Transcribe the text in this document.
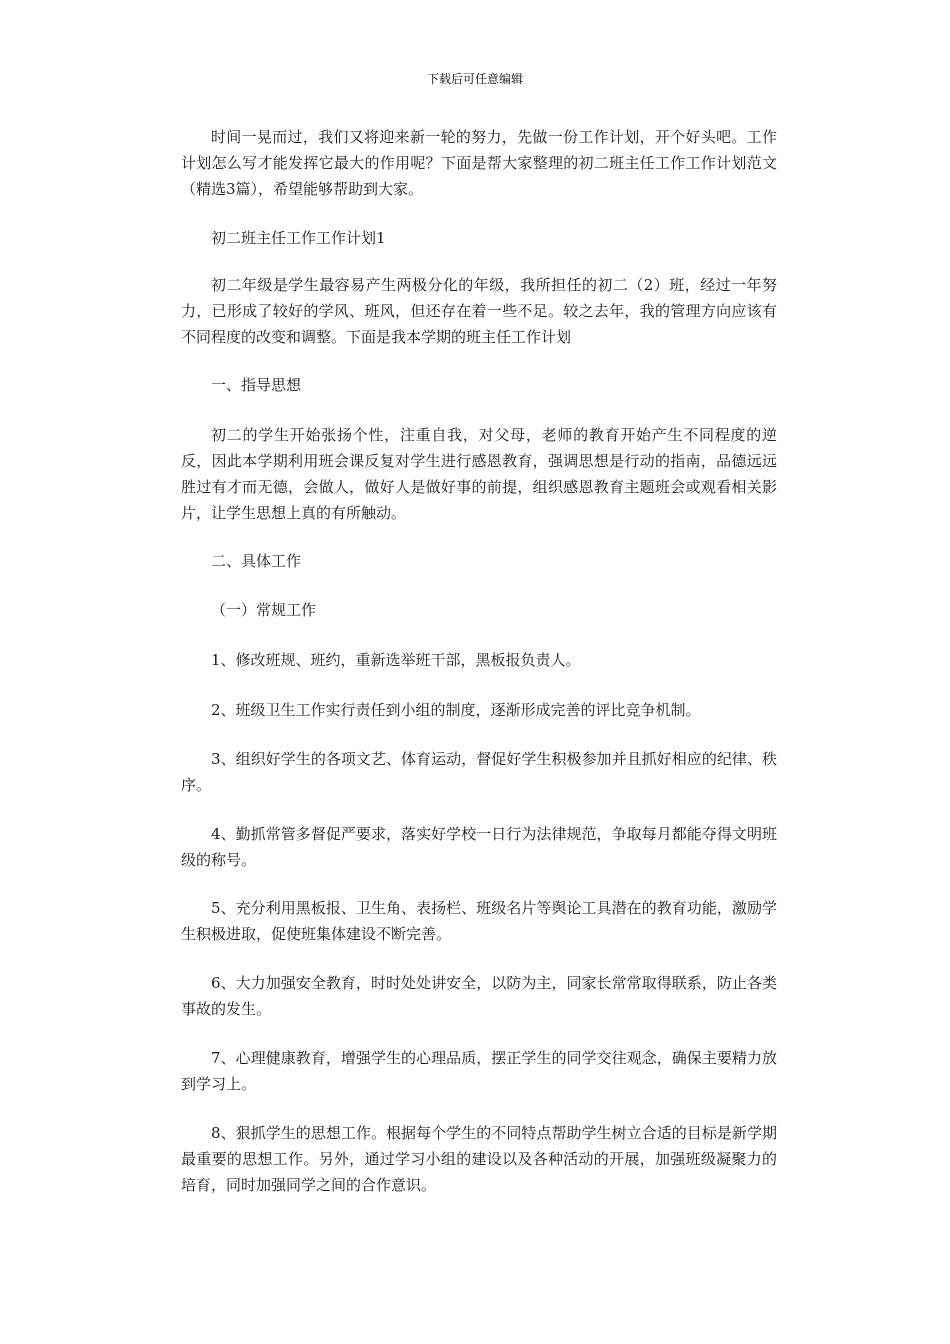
下载后可任意编辑

时间一晃而过，我们又将迎来新一轮的努力，先做一份工作计划，开个好头吧。工作计划怎么写才能发挥它最大的作用呢？下面是帮大家整理的初二班主任工作工作计划范文（精选3篇），希望能够帮助到大家。

初二班主任工作工作计划1

初二年级是学生最容易产生两极分化的年级，我所担任的初二（2）班，经过一年努力，已形成了较好的学风、班风，但还存在着一些不足。较之去年，我的管理方向应该有不同程度的改变和调整。下面是我本学期的班主任工作计划

一、指导思想

初二的学生开始张扬个性，注重自我，对父母，老师的教育开始产生不同程度的逆反，因此本学期利用班会课反复对学生进行感恩教育，强调思想是行动的指南，品德远远胜过有才而无德，会做人，做好人是做好事的前提，组织感恩教育主题班会或观看相关影片，让学生思想上真的有所触动。

二、具体工作

（一）常规工作

1、修改班规、班约，重新选举班干部，黑板报负责人。

2、班级卫生工作实行责任到小组的制度，逐渐形成完善的评比竞争机制。

3、组织好学生的各项文艺、体育运动，督促好学生积极参加并且抓好相应的纪律、秩序。

4、勤抓常管多督促严要求，落实好学校一日行为法律规范，争取每月都能夺得文明班级的称号。

5、充分利用黑板报、卫生角、表扬栏、班级名片等舆论工具潜在的教育功能，激励学生积极进取，促使班集体建设不断完善。

6、大力加强安全教育，时时处处讲安全，以防为主，同家长常常取得联系，防止各类事故的发生。

7、心理健康教育，增强学生的心理品质，摆正学生的同学交往观念，确保主要精力放到学习上。

8、狠抓学生的思想工作。根据每个学生的不同特点帮助学生树立合适的目标是新学期最重要的思想工作。另外，通过学习小组的建设以及各种活动的开展，加强班级凝聚力的培育，同时加强同学之间的合作意识。
